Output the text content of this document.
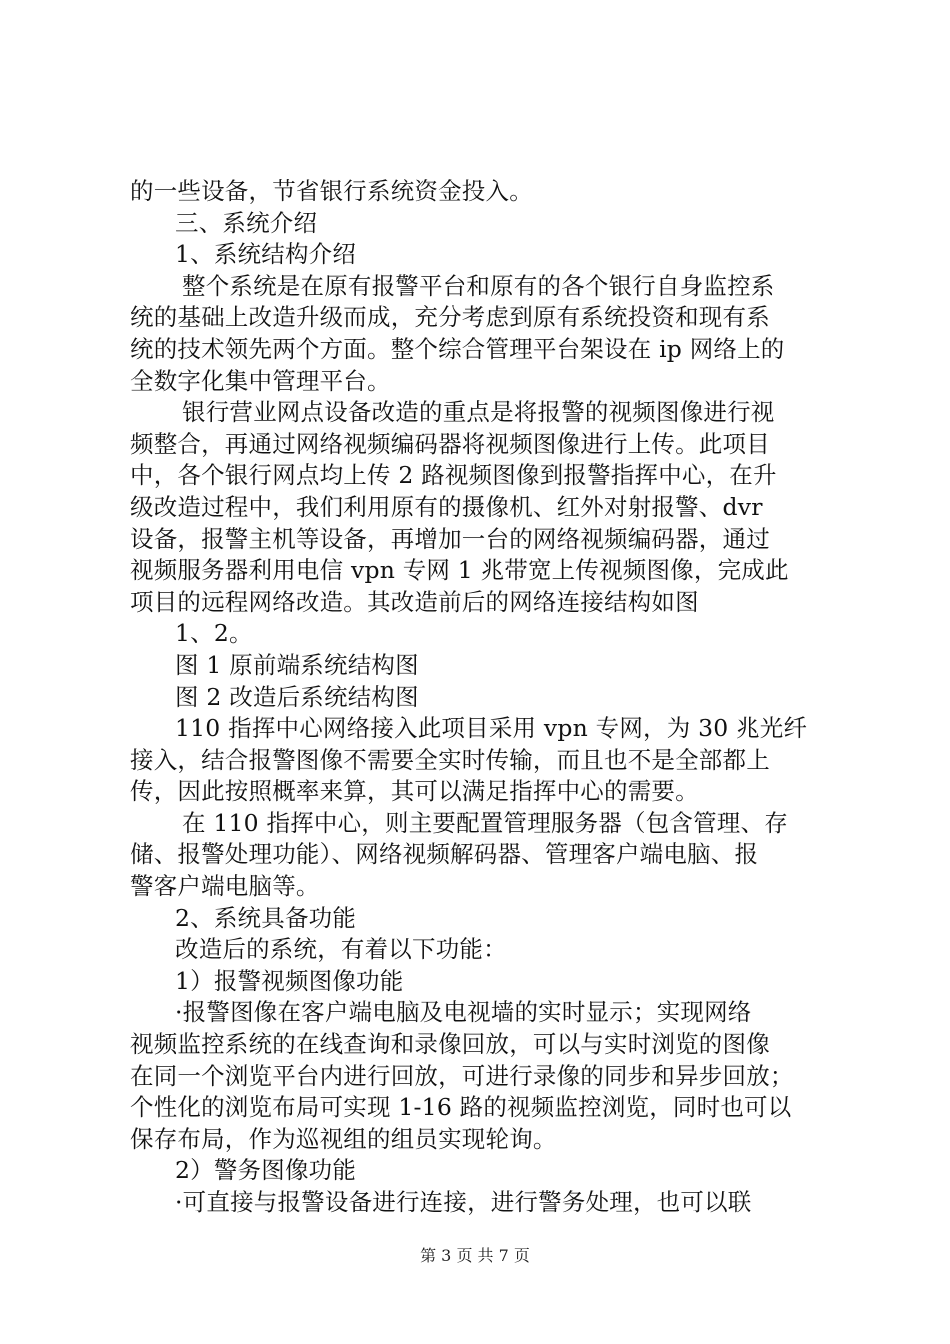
的一些设备，节省银行系统资金投入。
三、系统介绍
1、系统结构介绍
整个系统是在原有报警平台和原有的各个银行自身监控系
统的基础上改造升级而成，充分考虑到原有系统投资和现有系
统的技术领先两个方面。整个综合管理平台架设在 ip 网络上的
全数字化集中管理平台。
银行营业网点设备改造的重点是将报警的视频图像进行视
频整合，再通过网络视频编码器将视频图像进行上传。此项目
中，各个银行网点均上传 2 路视频图像到报警指挥中心，在升
级改造过程中，我们利用原有的摄像机、红外对射报警、dvr
设备，报警主机等设备，再增加一台的网络视频编码器，通过
视频服务器利用电信 vpn 专网 1 兆带宽上传视频图像，完成此
项目的远程网络改造。其改造前后的网络连接结构如图
1、2。
图 1 原前端系统结构图
图 2 改造后系统结构图
110 指挥中心网络接入此项目采用 vpn 专网，为 30 兆光纤
接入，结合报警图像不需要全实时传输，而且也不是全部都上
传，因此按照概率来算，其可以满足指挥中心的需要。
在 110 指挥中心，则主要配置管理服务器（包含管理、存
储、报警处理功能）、网络视频解码器、管理客户端电脑、报
警客户端电脑等。
2、系统具备功能
改造后的系统，有着以下功能：
1）报警视频图像功能
·报警图像在客户端电脑及电视墙的实时显示；实现网络
视频监控系统的在线查询和录像回放，可以与实时浏览的图像
在同一个浏览平台内进行回放，可进行录像的同步和异步回放；
个性化的浏览布局可实现 1-16 路的视频监控浏览，同时也可以
保存布局，作为巡视组的组员实现轮询。
2）警务图像功能
·可直接与报警设备进行连接，进行警务处理，也可以联
第 3 页 共 7 页
